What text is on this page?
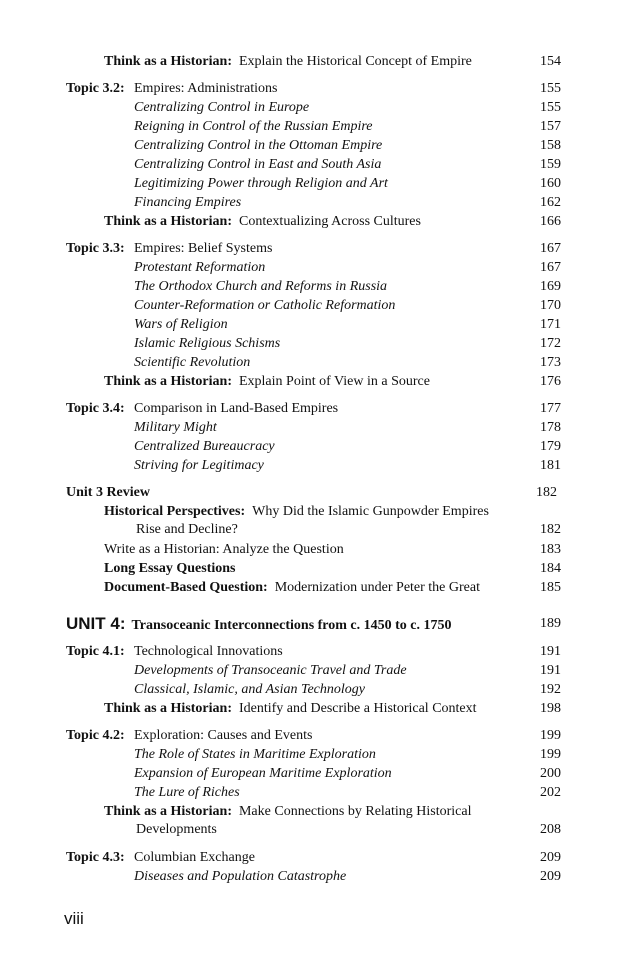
Think as a Historian: Explain the Historical Concept of Empire	154
Topic 3.2: Empires: Administrations	155
Centralizing Control in Europe	155
Reigning in Control of the Russian Empire	157
Centralizing Control in the Ottoman Empire	158
Centralizing Control in East and South Asia	159
Legitimizing Power through Religion and Art	160
Financing Empires	162
Think as a Historian: Contextualizing Across Cultures	166
Topic 3.3: Empires: Belief Systems	167
Protestant Reformation	167
The Orthodox Church and Reforms in Russia	169
Counter-Reformation or Catholic Reformation	170
Wars of Religion	171
Islamic Religious Schisms	172
Scientific Revolution	173
Think as a Historian: Explain Point of View in a Source	176
Topic 3.4: Comparison in Land-Based Empires	177
Military Might	178
Centralized Bureaucracy	179
Striving for Legitimacy	181
Unit 3 Review	182
Historical Perspectives: Why Did the Islamic Gunpowder Empires
Rise and Decline?	182
Write as a Historian: Analyze the Question	183
Long Essay Questions	184
Document-Based Question: Modernization under Peter the Great	185
UNIT 4: Transoceanic Interconnections from c. 1450 to c. 1750	189
Topic 4.1: Technological Innovations	191
Developments of Transoceanic Travel and Trade	191
Classical, Islamic, and Asian Technology	192
Think as a Historian: Identify and Describe a Historical Context	198
Topic 4.2: Exploration: Causes and Events	199
The Role of States in Maritime Exploration	199
Expansion of European Maritime Exploration	200
The Lure of Riches	202
Think as a Historian: Make Connections by Relating Historical
Developments	208
Topic 4.3: Columbian Exchange	209
Diseases and Population Catastrophe	209
viii
